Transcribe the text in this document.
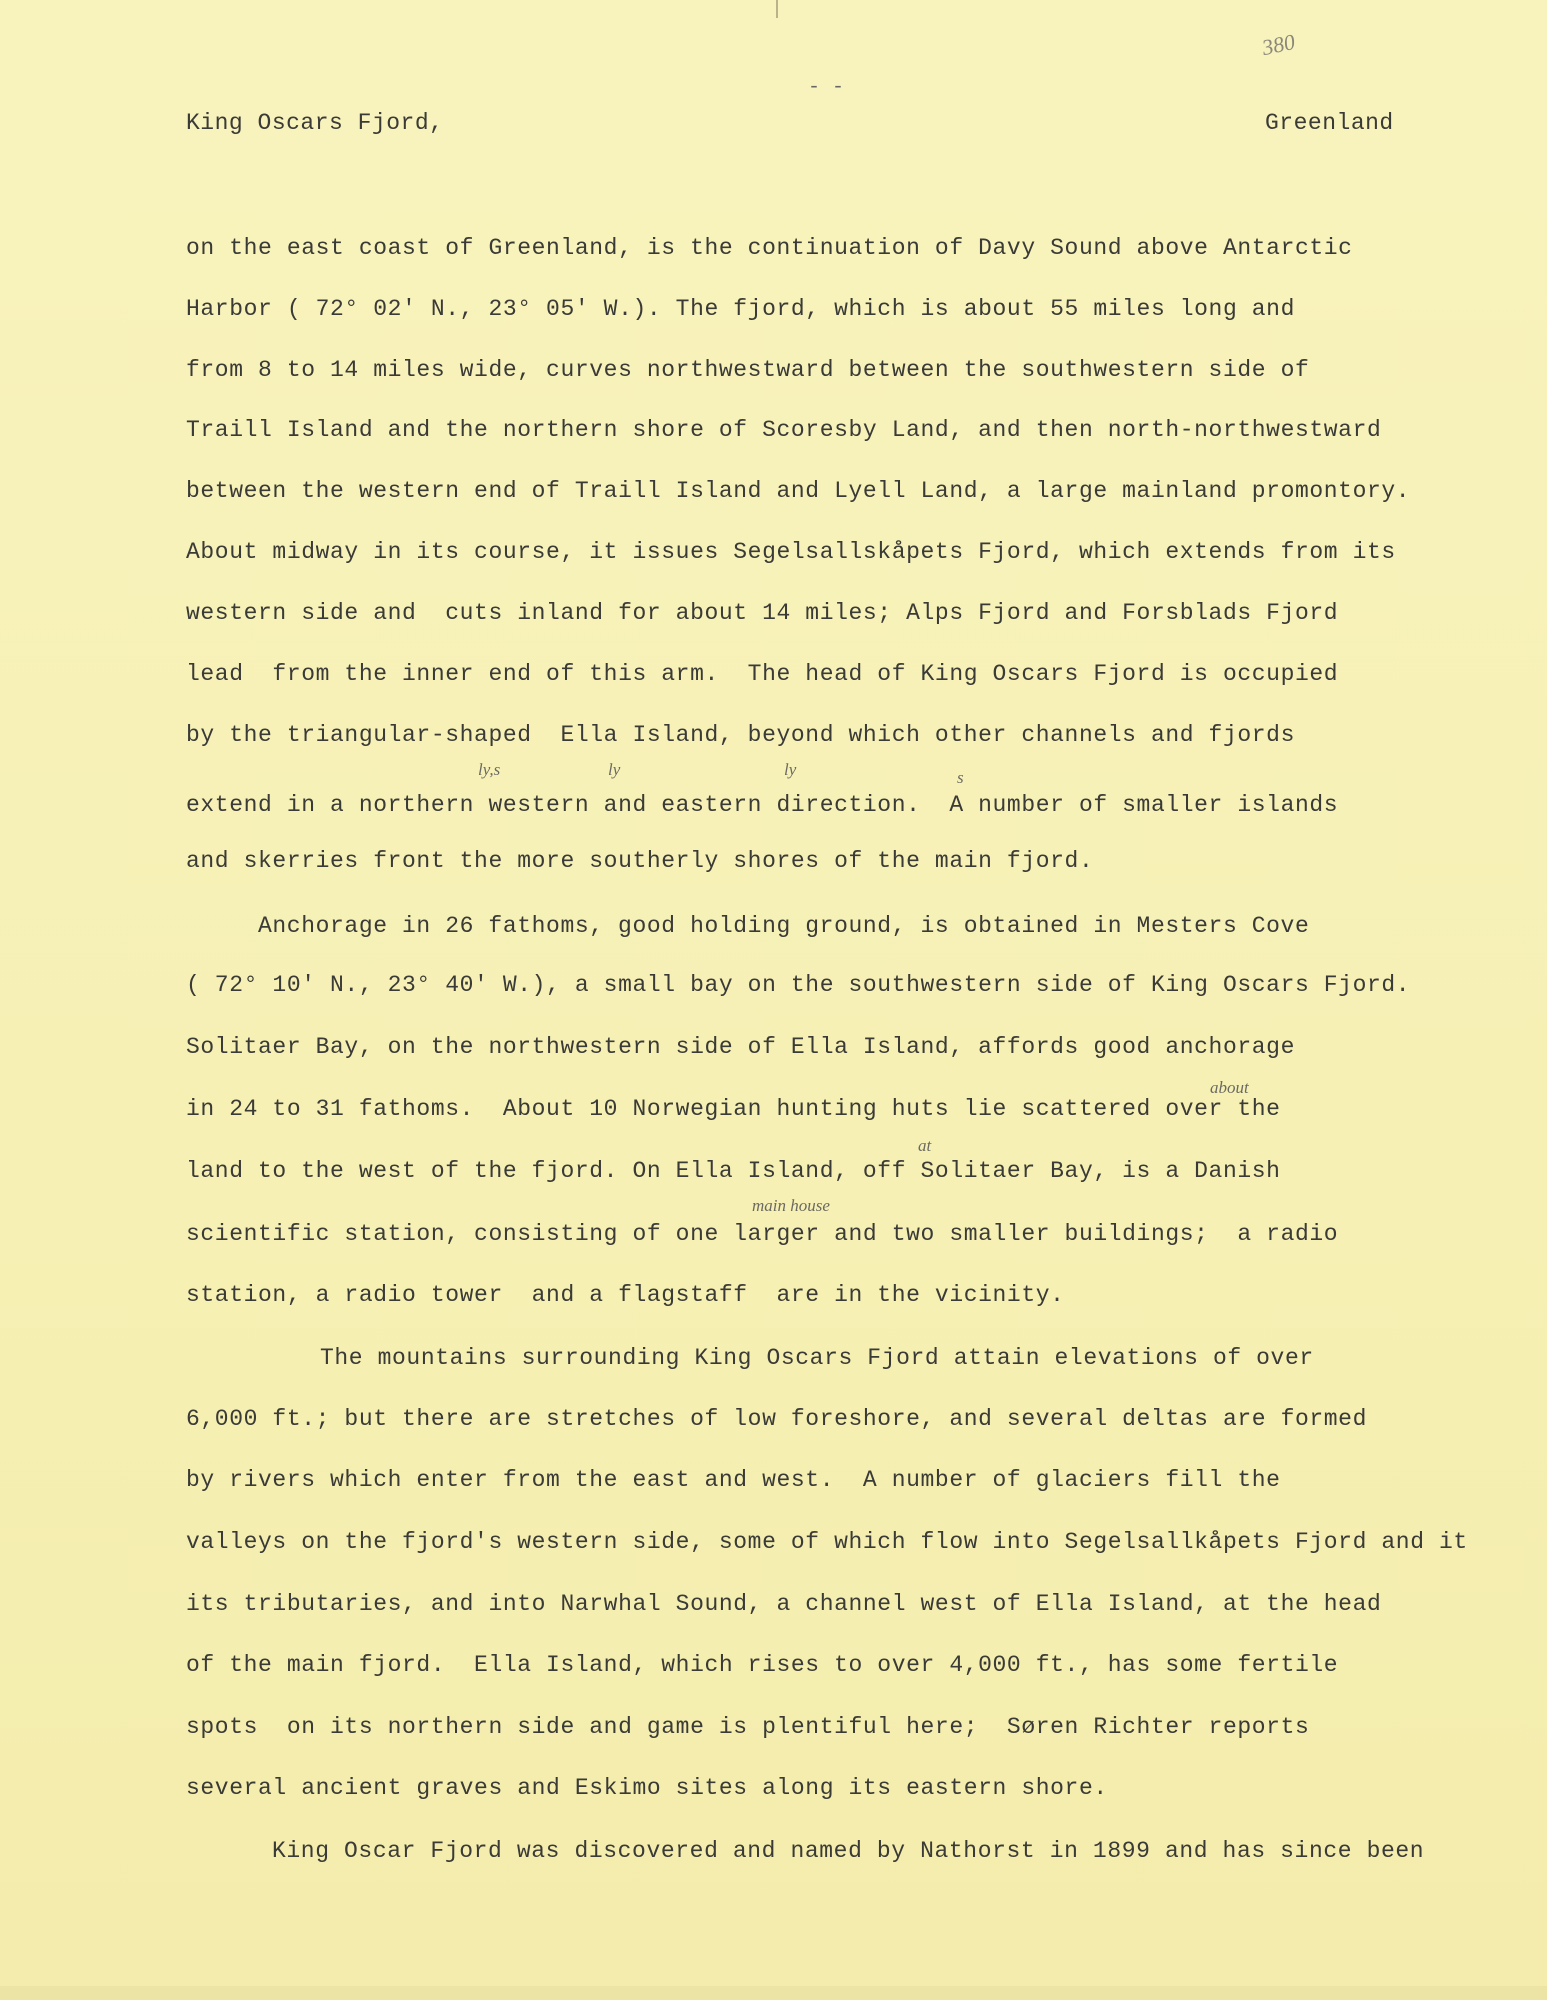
380
- -
King Oscars Fjord,	Greenland
on the east coast of Greenland, is the continuation of Davy Sound above Antarctic
Harbor ( 72° 02' N., 23° 05' W.). The fjord, which is about 55 miles long and
from 8 to 14 miles wide, curves northwestward between the southwestern side of
Traill Island and the northern shore of Scoresby Land, and then north-northwestward
between the western end of Traill Island and Lyell Land, a large mainland promontory.
About midway in its course, it issues Segelsallskåpets Fjord, which extends from its
western side and  cuts inland for about 14 miles; Alps Fjord and Forsblads Fjord
lead  from the inner end of this arm.  The head of King Oscars Fjord is occupied
by the triangular-shaped  Ella Island, beyond which other channels and fjords
ly,s	ly	ly	s
extend in a northern western and eastern direction.  A number of smaller islands
and skerries front the more southerly shores of the main fjord.
Anchorage in 26 fathoms, good holding ground, is obtained in Mesters Cove
( 72° 10' N., 23° 40' W.), a small bay on the southwestern side of King Oscars Fjord.
Solitaer Bay, on the northwestern side of Ella Island, affords good anchorage
about
in 24 to 31 fathoms.  About 10 Norwegian hunting huts lie scattered over the
at
land to the west of the fjord. On Ella Island, off Solitaer Bay, is a Danish
main house
scientific station, consisting of one larger and two smaller buildings;  a radio
station, a radio tower  and a flagstaff  are in the vicinity.
The mountains surrounding King Oscars Fjord attain elevations of over
6,000 ft.; but there are stretches of low foreshore, and several deltas are formed
by rivers which enter from the east and west.  A number of glaciers fill the
valleys on the fjord's western side, some of which flow into Segelsallkåpets Fjord and it
its tributaries, and into Narwhal Sound, a channel west of Ella Island, at the head
of the main fjord.  Ella Island, which rises to over 4,000 ft., has some fertile
spots  on its northern side and game is plentiful here;  Søren Richter reports
several ancient graves and Eskimo sites along its eastern shore.
King Oscar Fjord was discovered and named by Nathorst in 1899 and has since been
